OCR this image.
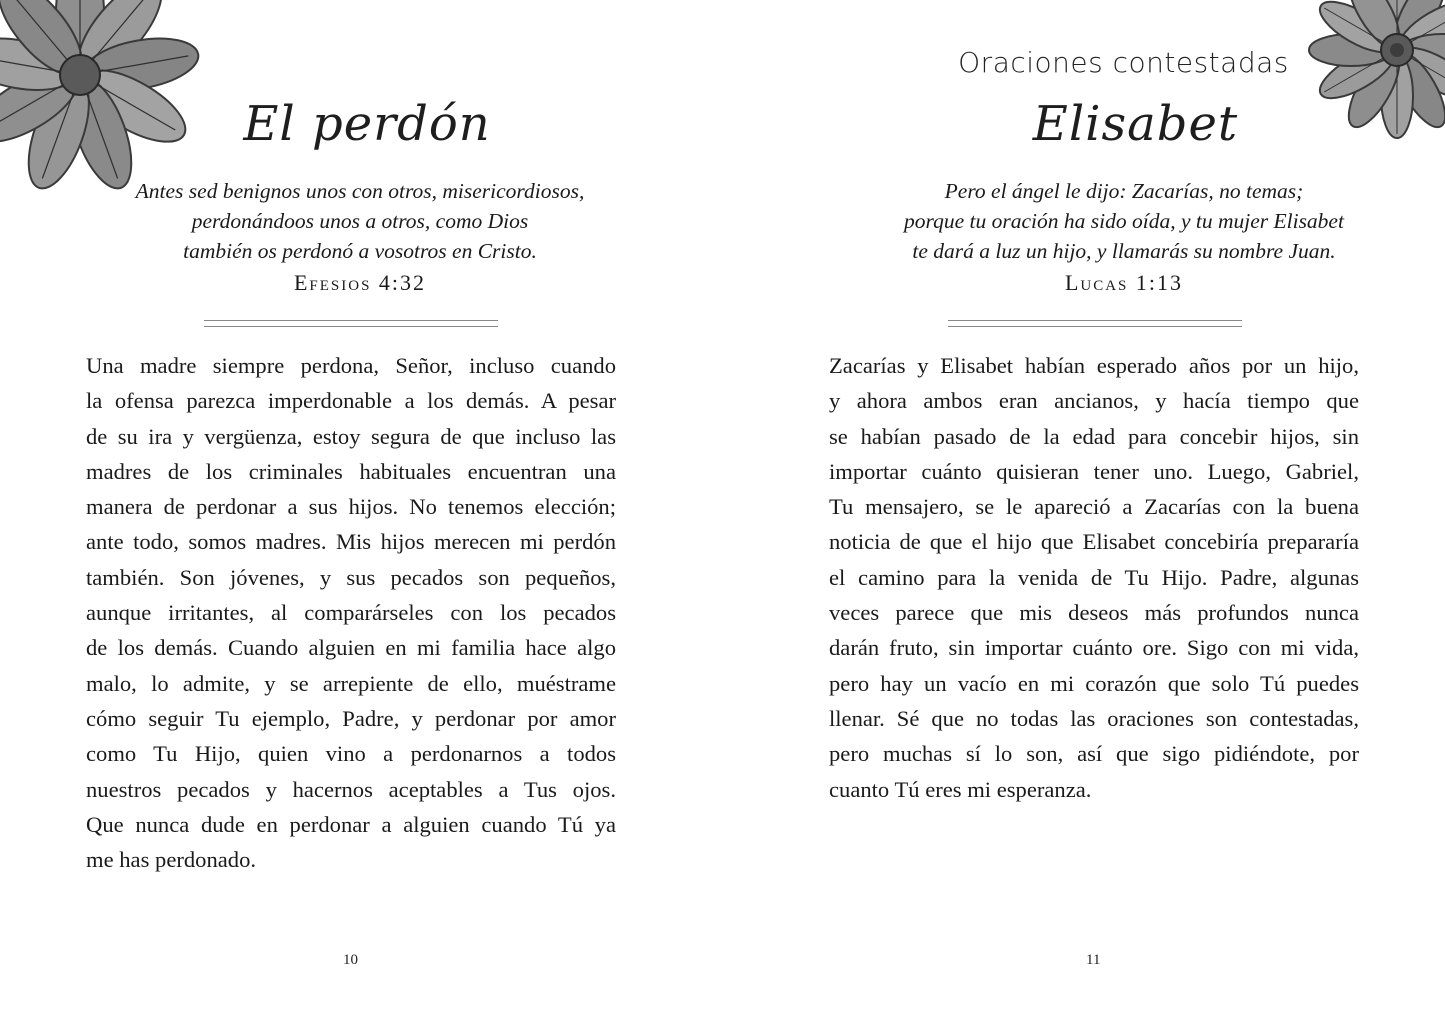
El perdón
Antes sed benignos unos con otros, misericordiosos,
perdonándoos unos a otros, como Dios
también os perdonó a vosotros en Cristo.
Efesios 4:32
Una madre siempre perdona, Señor, incluso cuando
la ofensa parezca imperdonable a los demás. A pesar
de su ira y vergüenza, estoy segura de que incluso las
madres de los criminales habituales encuentran una
manera de perdonar a sus hijos. No tenemos elección;
ante todo, somos madres. Mis hijos merecen mi perdón
también. Son jóvenes, y sus pecados son pequeños,
aunque irritantes, al comparárseles con los pecados
de los demás. Cuando alguien en mi familia hace algo
malo, lo admite, y se arrepiente de ello, muéstrame
cómo seguir Tu ejemplo, Padre, y perdonar por amor
como Tu Hijo, quien vino a perdonarnos a todos
nuestros pecados y hacernos aceptables a Tus ojos.
Que nunca dude en perdonar a alguien cuando Tú ya
me has perdonado.
10
Oraciones contestadas
Elisabet
Pero el ángel le dijo: Zacarías, no temas;
porque tu oración ha sido oída, y tu mujer Elisabet
te dará a luz un hijo, y llamarás su nombre Juan.
Lucas 1:13
Zacarías y Elisabet habían esperado años por un hijo,
y ahora ambos eran ancianos, y hacía tiempo que
se habían pasado de la edad para concebir hijos, sin
importar cuánto quisieran tener uno. Luego, Gabriel,
Tu mensajero, se le apareció a Zacarías con la buena
noticia de que el hijo que Elisabet concebiría prepararía
el camino para la venida de Tu Hijo. Padre, algunas
veces parece que mis deseos más profundos nunca
darán fruto, sin importar cuánto ore. Sigo con mi vida,
pero hay un vacío en mi corazón que solo Tú puedes
llenar. Sé que no todas las oraciones son contestadas,
pero muchas sí lo son, así que sigo pidiéndote, por
cuanto Tú eres mi esperanza.
11
